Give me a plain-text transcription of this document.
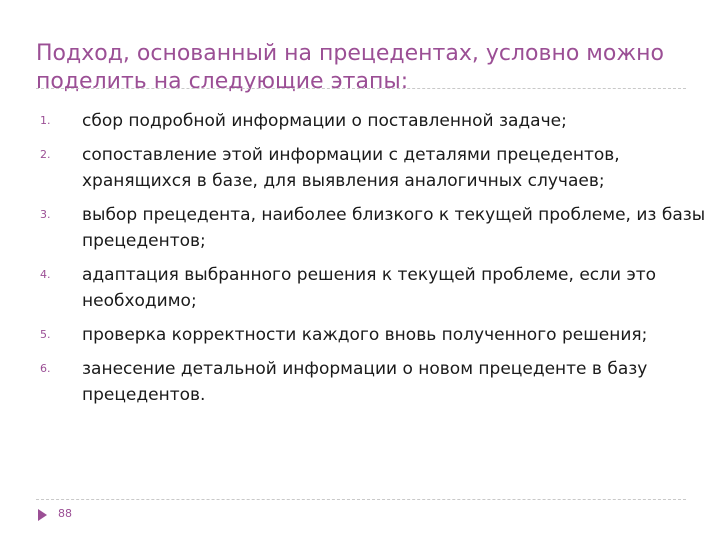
Подход, основанный на прецедентах, условно можно поделить на следующие этапы:
1. сбор подробной информации о поставленной задаче;
2. сопоставление этой информации с деталями прецедентов, хранящихся в базе, для выявления аналогичных случаев;
3. выбор прецедента, наиболее близкого к текущей проблеме, из базы прецедентов;
4. адаптация выбранного решения к текущей проблеме, если это необходимо;
5. проверка корректности каждого вновь полученного решения;
6. занесение детальной информации о новом прецеденте в базу прецедентов.
88
